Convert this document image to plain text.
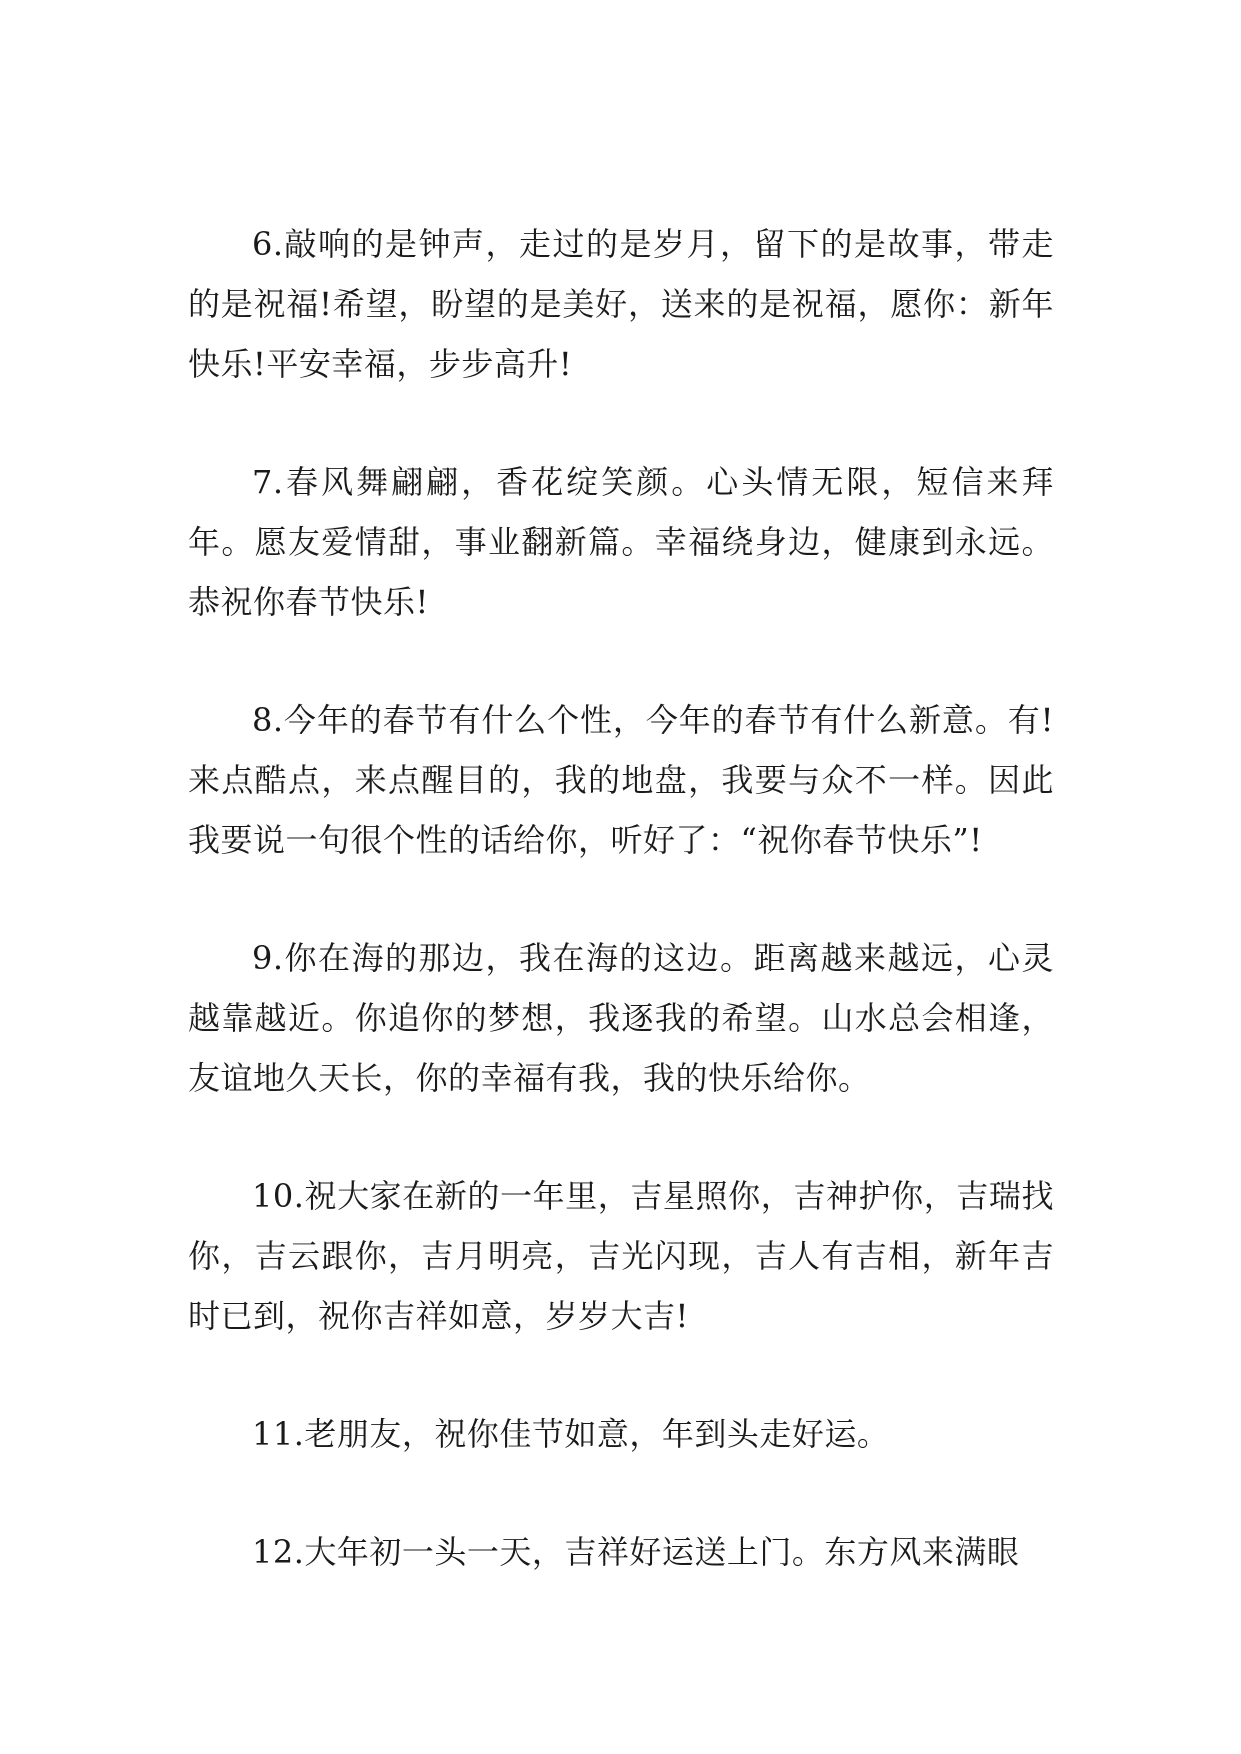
6.敲响的是钟声，走过的是岁月，留下的是故事，带走的是祝福!希望，盼望的是美好，送来的是祝福，愿你：新年快乐!平安幸福，步步高升!

7.春风舞翩翩，香花绽笑颜。心头情无限，短信来拜年。愿友爱情甜，事业翻新篇。幸福绕身边，健康到永远。恭祝你春节快乐!

8.今年的春节有什么个性，今年的春节有什么新意。有!来点酷点，来点醒目的，我的地盘，我要与众不一样。因此我要说一句很个性的话给你，听好了：“祝你春节快乐”!

9.你在海的那边，我在海的这边。距离越来越远，心灵越靠越近。你追你的梦想，我逐我的希望。山水总会相逢，友谊地久天长，你的幸福有我，我的快乐给你。

10.祝大家在新的一年里，吉星照你，吉神护你，吉瑞找你，吉云跟你，吉月明亮，吉光闪现，吉人有吉相，新年吉时已到，祝你吉祥如意，岁岁大吉!

11.老朋友，祝你佳节如意，年到头走好运。

12.大年初一头一天，吉祥好运送上门。东方风来满眼
